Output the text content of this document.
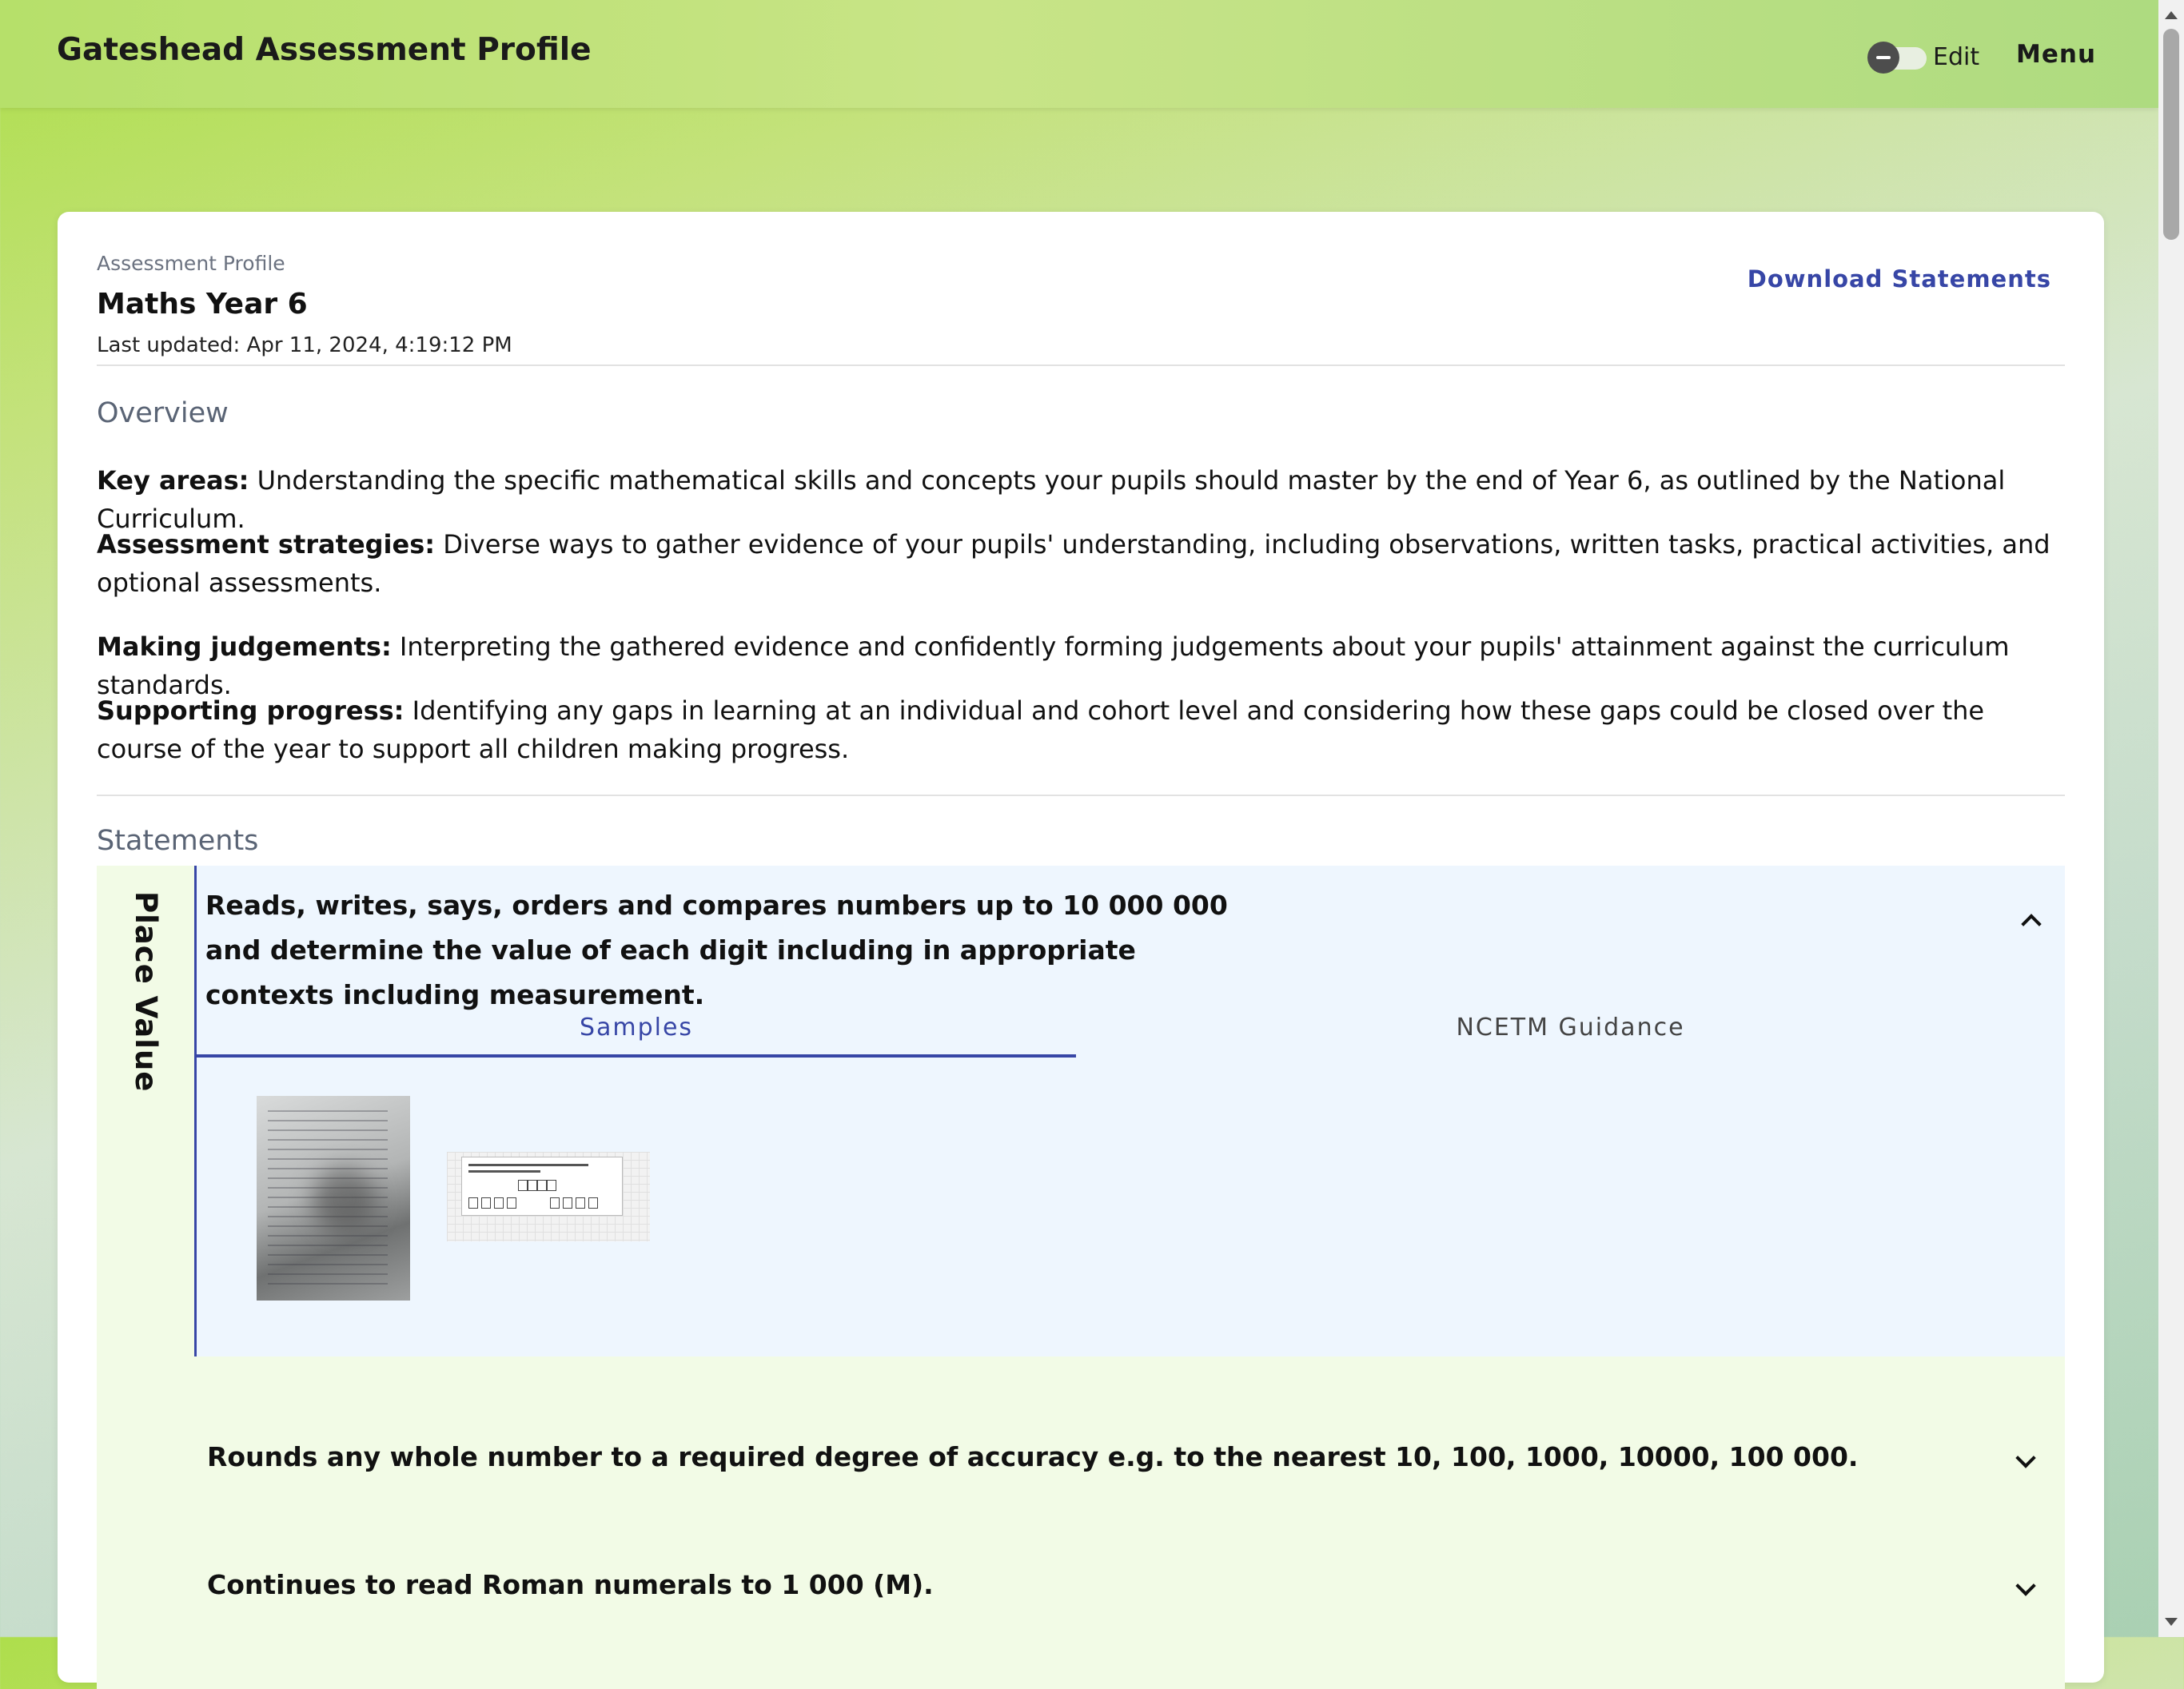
Gateshead Assessment Profile	Edit Menu
Assessment Profile
Maths Year 6
Last updated: Apr 11, 2024, 4:19:12 PM
Download Statements
Overview
Key areas: Understanding the specific mathematical skills and concepts your pupils should master by the end of Year 6, as outlined by the National Curriculum.
Assessment strategies: Diverse ways to gather evidence of your pupils' understanding, including observations, written tasks, practical activities, and optional assessments.
Making judgements: Interpreting the gathered evidence and confidently forming judgements about your pupils' attainment against the curriculum standards.
Supporting progress: Identifying any gaps in learning at an individual and cohort level and considering how these gaps could be closed over the course of the year to support all children making progress.
Statements
Place Value Reads, writes, says, orders and compares numbers up to 10 000 000 and determine the value of each digit including in appropriate contexts including measurement.
Samples	NCETM Guidance
Rounds any whole number to a required degree of accuracy e.g. to the nearest 10, 100, 1000, 10000, 100 000.
Continues to read Roman numerals to 1 000 (M).
